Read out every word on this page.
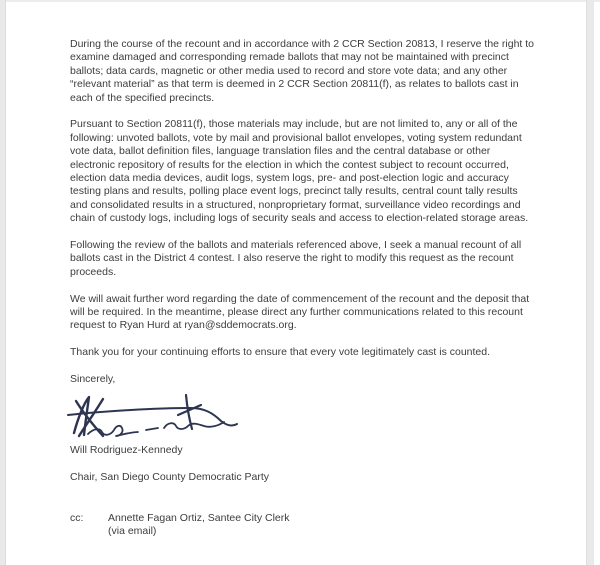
During the course of the recount and in accordance with 2 CCR Section 20813, I reserve the right to examine damaged and corresponding remade ballots that may not be maintained with precinct ballots; data cards, magnetic or other media used to record and store vote data; and any other “relevant material” as that term is deemed in 2 CCR Section 20811(f), as relates to ballots cast in each of the specified precincts.

Pursuant to Section 20811(f), those materials may include, but are not limited to, any or all of the following: unvoted ballots, vote by mail and provisional ballot envelopes, voting system redundant vote data, ballot definition files, language translation files and the central database or other electronic repository of results for the election in which the contest subject to recount occurred, election data media devices, audit logs, system logs, pre- and post-election logic and accuracy testing plans and results, polling place event logs, precinct tally results, central count tally results and consolidated results in a structured, nonproprietary format, surveillance video recordings and chain of custody logs, including logs of security seals and access to election-related storage areas.

Following the review of the ballots and materials referenced above, I seek a manual recount of all ballots cast in the District 4 contest. I also reserve the right to modify this request as the recount proceeds.

We will await further word regarding the date of commencement of the recount and the deposit that will be required. In the meantime, please direct any further communications related to this recount request to Ryan Hurd at ryan@sddemocrats.org.

Thank you for your continuing efforts to ensure that every vote legitimately cast is counted.

Sincerely,

Will Rodriguez-Kennedy

Chair, San Diego County Democratic Party

cc:	Annette Fagan Ortiz, Santee City Clerk

(via email)
